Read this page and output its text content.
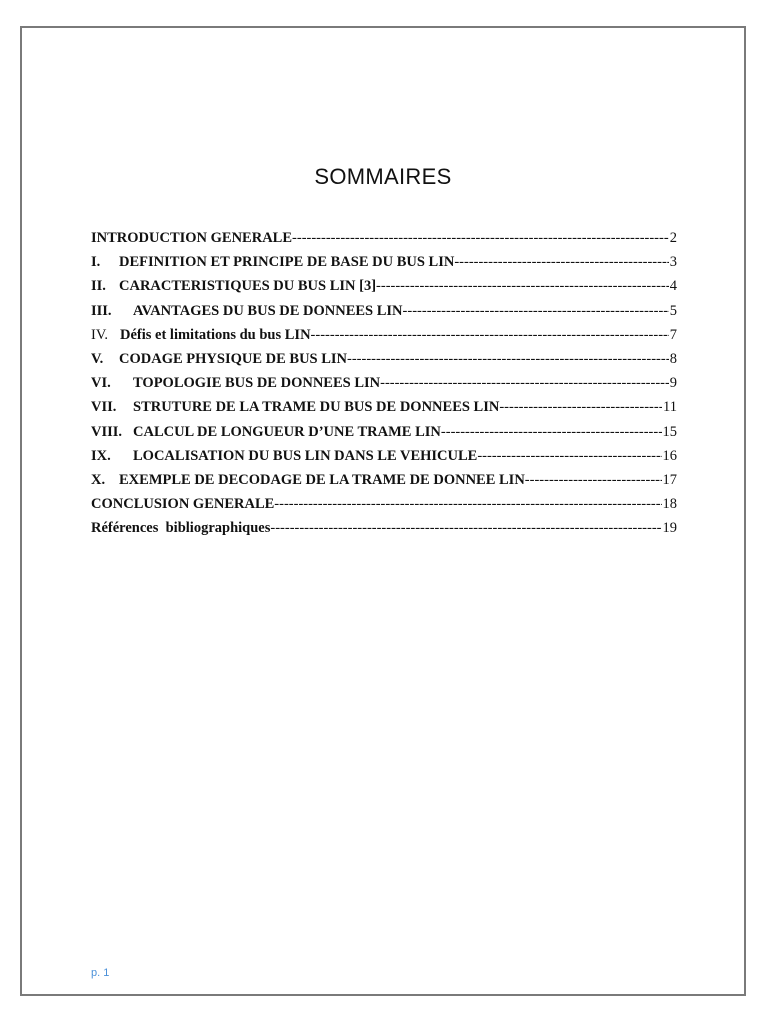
SOMMAIRES
INTRODUCTION GENERALE -----	2
I.	DEFINITION ET PRINCIPE DE BASE DU BUS LIN -----	3
II. CARACTERISTIQUES DU BUS LIN [3] -----	4
III.	AVANTAGES DU BUS DE DONNEES LIN -----	5
IV. Défis et limitations du bus LIN -----	7
V.	CODAGE PHYSIQUE DE BUS LIN -----	8
VI.	TOPOLOGIE BUS DE DONNEES LIN -----	9
VII.	STRUTURE DE LA TRAME DU BUS DE DONNEES LIN -----	11
VIII. CALCUL DE LONGUEUR D’UNE TRAME LIN -----	15
IX.	LOCALISATION DU BUS LIN DANS LE VEHICULE -----	16
X. EXEMPLE DE DECODAGE DE LA TRAME DE DONNEE LIN -----	17
CONCLUSION GENERALE -----	18
Références  bibliographiques -----	19
p. 1
